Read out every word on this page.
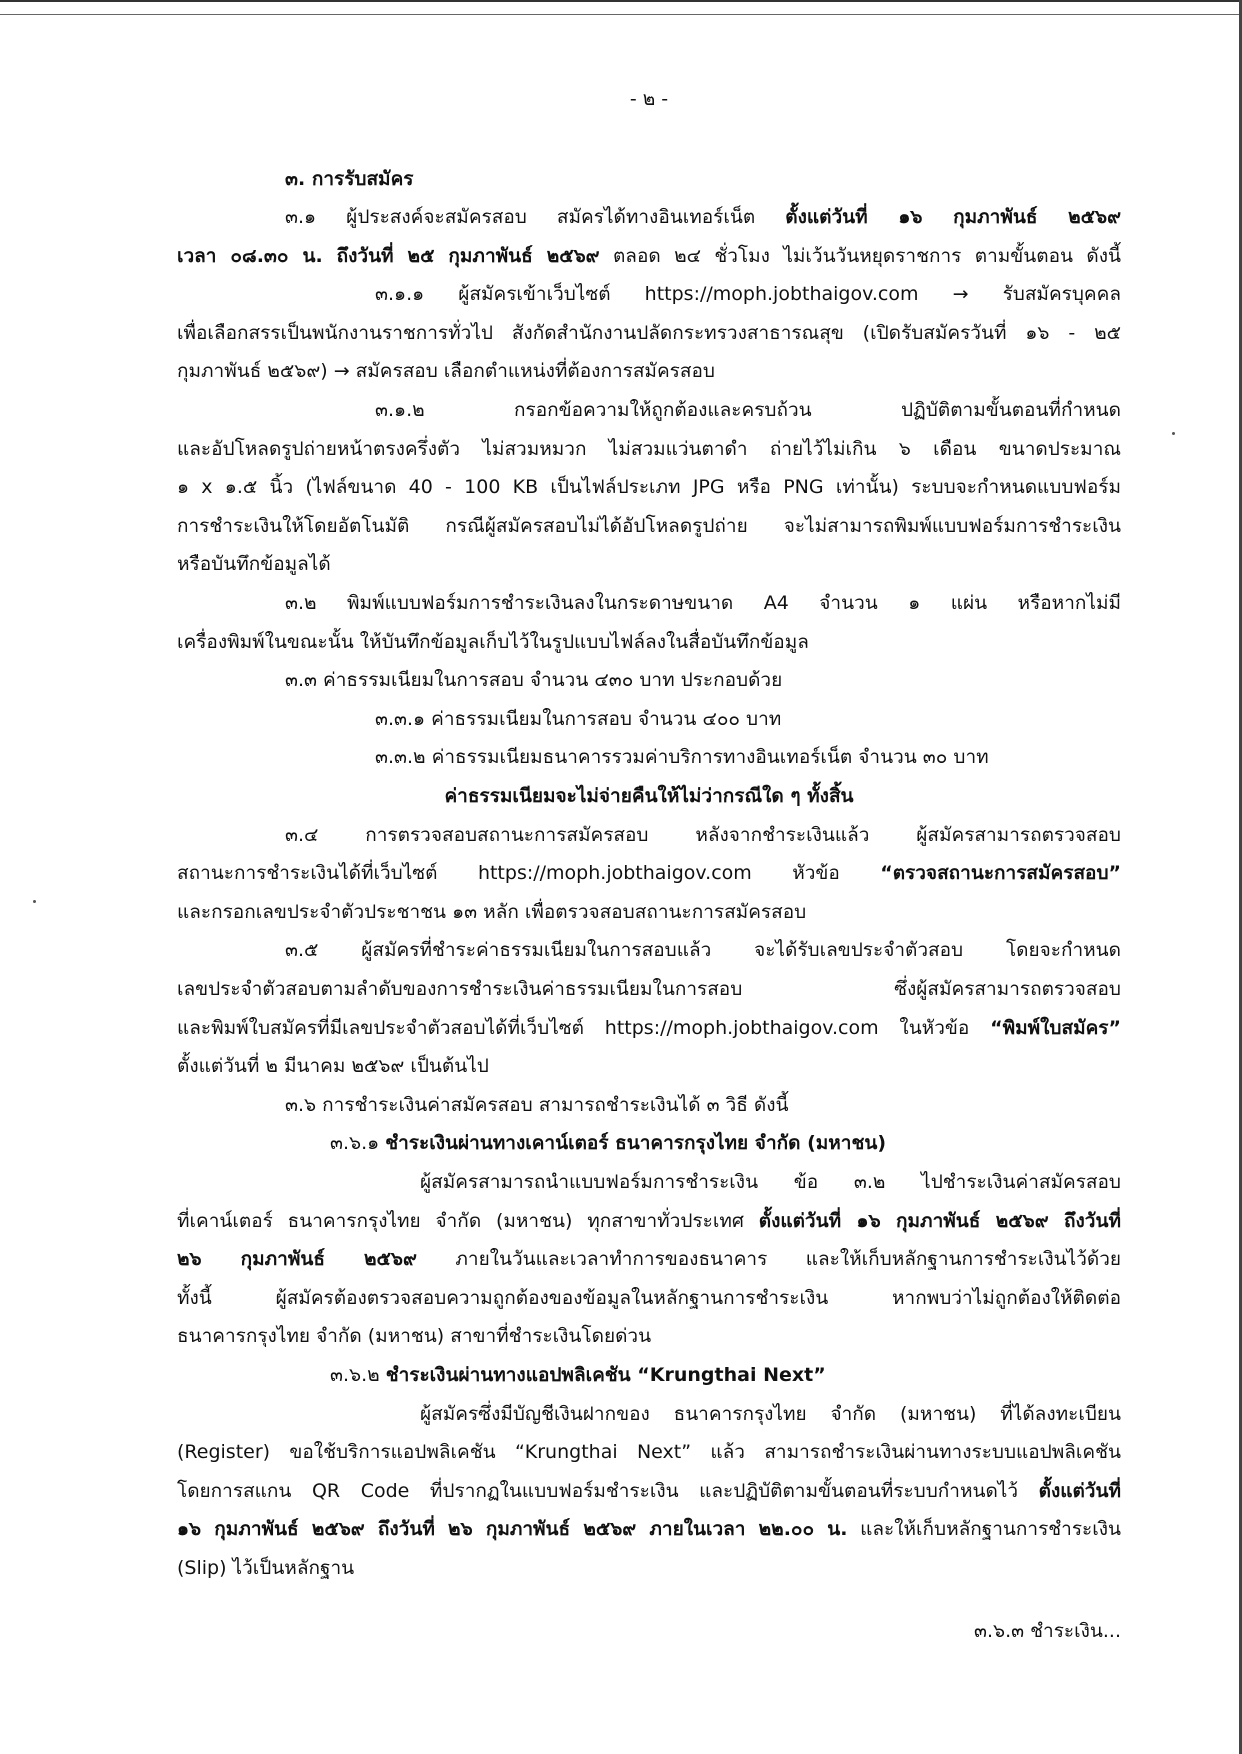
- ๒ -
๓. การรับสมัคร
๓.๑ ผู้ประสงค์จะสมัครสอบ สมัครได้ทางอินเทอร์เน็ต ตั้งแต่วันที่ ๑๖ กุมภาพันธ์ ๒๕๖๙
เวลา ๐๘.๓๐ น. ถึงวันที่ ๒๕ กุมภาพันธ์ ๒๕๖๙ ตลอด ๒๔ ชั่วโมง ไม่เว้นวันหยุดราชการ ตามขั้นตอน ดังนี้
๓.๑.๑ ผู้สมัครเข้าเว็บไซต์ https://moph.jobthaigov.com → รับสมัครบุคคล
เพื่อเลือกสรรเป็นพนักงานราชการทั่วไป สังกัดสำนักงานปลัดกระทรวงสาธารณสุข (เปิดรับสมัครวันที่ ๑๖ - ๒๕
กุมภาพันธ์ ๒๕๖๙) → สมัครสอบ เลือกตำแหน่งที่ต้องการสมัครสอบ
๓.๑.๒ กรอกข้อความให้ถูกต้องและครบถ้วน ปฏิบัติตามขั้นตอนที่กำหนด
และอัปโหลดรูปถ่ายหน้าตรงครึ่งตัว ไม่สวมหมวก ไม่สวมแว่นตาดำ ถ่ายไว้ไม่เกิน ๖ เดือน ขนาดประมาณ
๑ x ๑.๕ นิ้ว (ไฟล์ขนาด 40 - 100 KB เป็นไฟล์ประเภท JPG หรือ PNG เท่านั้น) ระบบจะกำหนดแบบฟอร์ม
การชำระเงินให้โดยอัตโนมัติ กรณีผู้สมัครสอบไม่ได้อัปโหลดรูปถ่าย จะไม่สามารถพิมพ์แบบฟอร์มการชำระเงิน
หรือบันทึกข้อมูลได้
๓.๒ พิมพ์แบบฟอร์มการชำระเงินลงในกระดาษขนาด A4 จำนวน ๑ แผ่น หรือหากไม่มี
เครื่องพิมพ์ในขณะนั้น ให้บันทึกข้อมูลเก็บไว้ในรูปแบบไฟล์ลงในสื่อบันทึกข้อมูล
๓.๓ ค่าธรรมเนียมในการสอบ จำนวน ๔๓๐ บาท ประกอบด้วย
๓.๓.๑ ค่าธรรมเนียมในการสอบ จำนวน ๔๐๐ บาท
๓.๓.๒ ค่าธรรมเนียมธนาคารรวมค่าบริการทางอินเทอร์เน็ต จำนวน ๓๐ บาท
ค่าธรรมเนียมจะไม่จ่ายคืนให้ไม่ว่ากรณีใด ๆ ทั้งสิ้น
๓.๔ การตรวจสอบสถานะการสมัครสอบ หลังจากชำระเงินแล้ว ผู้สมัครสามารถตรวจสอบ
สถานะการชำระเงินได้ที่เว็บไซต์ https://moph.jobthaigov.com หัวข้อ “ตรวจสถานะการสมัครสอบ”
และกรอกเลขประจำตัวประชาชน ๑๓ หลัก เพื่อตรวจสอบสถานะการสมัครสอบ
๓.๕ ผู้สมัครที่ชำระค่าธรรมเนียมในการสอบแล้ว จะได้รับเลขประจำตัวสอบ โดยจะกำหนด
เลขประจำตัวสอบตามลำดับของการชำระเงินค่าธรรมเนียมในการสอบ ซึ่งผู้สมัครสามารถตรวจสอบ
และพิมพ์ใบสมัครที่มีเลขประจำตัวสอบได้ที่เว็บไซต์ https://moph.jobthaigov.com ในหัวข้อ “พิมพ์ใบสมัคร”
ตั้งแต่วันที่ ๒ มีนาคม ๒๕๖๙ เป็นต้นไป
๓.๖ การชำระเงินค่าสมัครสอบ สามารถชำระเงินได้ ๓ วิธี ดังนี้
๓.๖.๑ ชำระเงินผ่านทางเคาน์เตอร์ ธนาคารกรุงไทย จำกัด (มหาชน)
ผู้สมัครสามารถนำแบบฟอร์มการชำระเงิน ข้อ ๓.๒ ไปชำระเงินค่าสมัครสอบ
ที่เคาน์เตอร์ ธนาคารกรุงไทย จำกัด (มหาชน) ทุกสาขาทั่วประเทศ ตั้งแต่วันที่ ๑๖ กุมภาพันธ์ ๒๕๖๙ ถึงวันที่
๒๖ กุมภาพันธ์ ๒๕๖๙ ภายในวันและเวลาทำการของธนาคาร และให้เก็บหลักฐานการชำระเงินไว้ด้วย
ทั้งนี้ ผู้สมัครต้องตรวจสอบความถูกต้องของข้อมูลในหลักฐานการชำระเงิน หากพบว่าไม่ถูกต้องให้ติดต่อ
ธนาคารกรุงไทย จำกัด (มหาชน) สาขาที่ชำระเงินโดยด่วน
๓.๖.๒ ชำระเงินผ่านทางแอปพลิเคชัน “Krungthai Next”
ผู้สมัครซึ่งมีบัญชีเงินฝากของ ธนาคารกรุงไทย จำกัด (มหาชน) ที่ได้ลงทะเบียน
(Register) ขอใช้บริการแอปพลิเคชัน “Krungthai Next” แล้ว สามารถชำระเงินผ่านทางระบบแอปพลิเคชัน
โดยการสแกน QR Code ที่ปรากฏในแบบฟอร์มชำระเงิน และปฏิบัติตามขั้นตอนที่ระบบกำหนดไว้ ตั้งแต่วันที่
๑๖ กุมภาพันธ์ ๒๕๖๙ ถึงวันที่ ๒๖ กุมภาพันธ์ ๒๕๖๙ ภายในเวลา ๒๒.๐๐ น. และให้เก็บหลักฐานการชำระเงิน
(Slip) ไว้เป็นหลักฐาน
๓.๖.๓ ชำระเงิน...
